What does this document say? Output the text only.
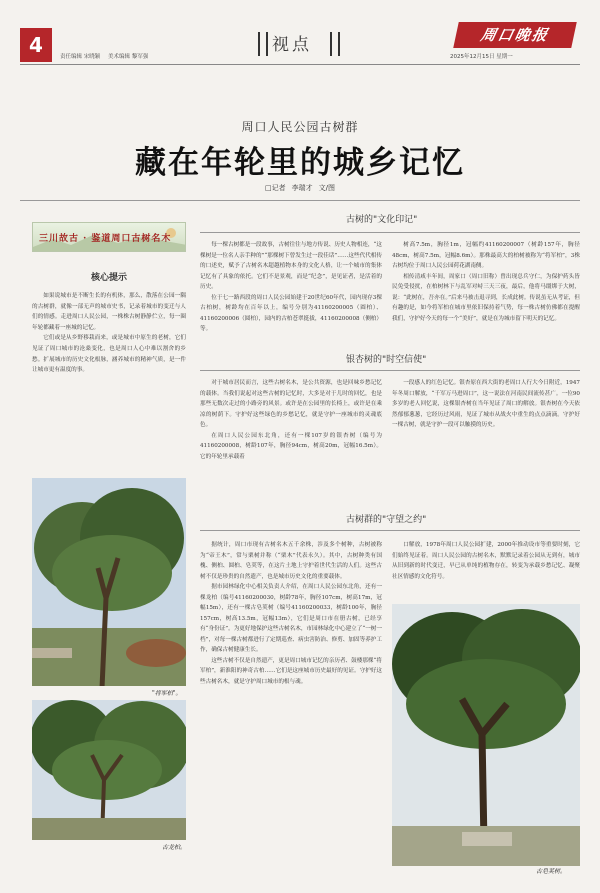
4	责任编辑 宋晓颖 美术编辑 黎军强
视点	周口晚报
2025年12月15日 星期一
周口人民公园古树群
藏在年轮里的城乡记忆
□记者 李瑞才 文/图
三川故古 · 鉴道周口古树名木
核心提示

如果说城市是不断生长的有机体，那么，散落在公园一隅的古树群，就像一部无声的城市史书，记录着城市的变迁与人们的情感。走进周口人民公园，一株株古树静静伫立，每一圈年轮都藏着一座城的记忆。

它们或是从乡野移栽而来，或是城市中原生的老树，它们见证了周口城市的沧桑变化，也是周口人心中难以割舍的乡愁。扩展城市的历史文化根脉，涵养城市的精神气质，是一件让城市更有温度的事。

"将军柏"。
古龙柏。
古树的"文化印记"

每一棵古树都是一段故事，古树往往与地方传说、历史人物相连，“这棵树是一位名人亲手种的”“那棵树下曾发生过一段佳话”……这些代代相传的口述史，赋予了古树名木超越植物本身的文化人格，让一个城市的集体记忆有了具象的依托。它们不是景观，而是“纪念”，是见证者，是活着的历史。

位于七一路西段的周口人民公园始建于20世纪60年代，园内现存3棵古柏树，树龄均在百年以上，编号分别为41160200005（圆柏）、41160200006（圆柏），园内的古柏苍翠挺拔，41160200008（侧柏）等。

树高7.5m，胸径1m，冠幅约41160200007（树龄157年，胸径48cm，树高7.5m，冠幅8.6m）。那株最高大的柏树被称为“将军柏”，3株古树均位于周口人民公园荷花湖南侧。

相传清咸丰年间，周家口（周口旧称）曾出现总兵守仁，为保护药头皆民免受侵扰，在柏树林下与乱军对峙三天三夜，最后，他将马缰绑于大树，说：“此树在，吾亦在。”后来马被击退寻到，长成此树。传说虽无从考证，但有趣的是，如今将军柏在城市里依旧保持着气势，每一株古树仿佛都在提醒我们，守护好今天的每一个“美好”，就是在为城市留下明天的记忆。

银杏树的"时空信使"

对于城市居民而言，这些古树名木，是公共资源，也是回味乡愁记忆的载体。当我们说起对这些古树的记忆时，大多是对于儿时的回忆，也是那些无数次走过的小路旁的风景。或许是在公园里的长椅上，或许是在乘凉的树荫下。守护好这些绿色的乡愁记忆，就是守护一座城市的灵魂底色。

在周口人民公园东北角，还有一棵107岁的银杏树（编号为41160200008，树龄107年，胸径94cm，树高20m，冠幅16.5m）。它的年轮里承载着

一段感人的红色记忆。银杏原在西大街的老周口人行大今日附近，1947年冬周口解放，“千军万马进周口”，这一说法在河南民间流传甚广。一位90多岁的老人回忆说，这棵银杏树在当年见证了周口的解放。银杏树在今天依然郁郁葱葱，它经历过风雨，见证了城市从战火中重生的点点滴滴。守护好一棵古树，就是守护一段可以触摸的历史。

古树群的"守望之约"

据统计，周口市现有古树名木五千余株，涉及多个树种，古树被称为“帝王木”，常与栗树并称（“栗木”代表永久）。其中，古树种类有国槐、侧柏、圆柏、皂荚等，在这片土地上守护着世代生活的人们。这些古树不仅是珍贵的自然遗产，也是城市历史文化的重要载体。

据市园林绿化中心相关负责人介绍，在周口人民公园东北角，还有一棵龙柏（编号41160200030，树龄78年，胸径107cm，树高17m，冠幅15m），还有一棵古皂荚树（编号41160200033，树龄100年，胸径157cm，树高13.5m，冠幅13m），它们是周口市在册古树，已经享有“身份证”。为更好地保护这些古树名木，市园林绿化中心建立了“一树一档”，对每一棵古树都进行了定期巡查、病虫害防治、修剪、加固等养护工作，确保古树健康生长。

这些古树不仅是自然遗产，更是周口城市记忆的亲历者、鼓楼那棵“将军柏”，新淮阳的神奇古柏……它们是这座城市历史最好的见证。守护好这些古树名木，就是守护周口城市的根与魂。

口解放，1978年周口人民公园扩建，2000年推动设市等重要时刻，它们始终见证着。周口人民公园的古树名木，默默记录着公园从无到有，城市从旧到新的时代变迁，早已从单纯的植物存在，转变为承载乡愁记忆、凝聚社区情感的文化符号。

古皂荚树。
